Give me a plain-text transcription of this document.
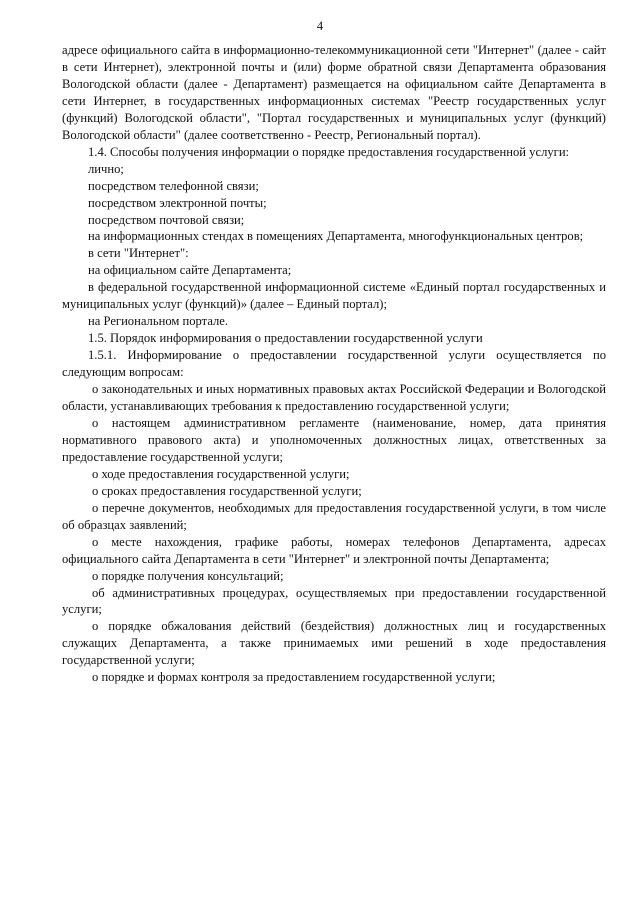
4

адресе официального сайта в информационно-телекоммуникационной сети "Интернет" (далее - сайт в сети Интернет), электронной почты и (или) форме обратной связи Департамента образования Вологодской области (далее - Департамент) размещается на официальном сайте Департамента в сети Интернет, в государственных информационных системах "Реестр государственных услуг (функций) Вологодской области", "Портал государственных и муниципальных услуг (функций) Вологодской области" (далее соответственно - Реестр, Региональный портал).

1.4. Способы получения информации о порядке предоставления государственной услуги:

лично;

посредством телефонной связи;

посредством электронной почты;

посредством почтовой связи;

на информационных стендах в помещениях Департамента, многофункциональных центров;

в сети "Интернет":

на официальном сайте Департамента;

в федеральной государственной информационной системе «Единый портал государственных и муниципальных услуг (функций)» (далее – Единый портал);

на Региональном портале.

1.5. Порядок информирования о предоставлении государственной услуги

1.5.1. Информирование о предоставлении государственной услуги осуществляется по следующим вопросам:

о законодательных и иных нормативных правовых актах Российской Федерации и Вологодской области, устанавливающих требования к предоставлению государственной услуги;

о настоящем административном регламенте (наименование, номер, дата принятия нормативного правового акта) и уполномоченных должностных лицах, ответственных за предоставление государственной услуги;

о ходе предоставления государственной услуги;

о сроках предоставления государственной услуги;

о перечне документов, необходимых для предоставления государственной услуги, в том числе об образцах заявлений;

о месте нахождения, графике работы, номерах телефонов Департамента, адресах официального сайта Департамента в сети "Интернет" и электронной почты Департамента;

о порядке получения консультаций;

об административных процедурах, осуществляемых при предоставлении государственной услуги;

о порядке обжалования действий (бездействия) должностных лиц и государственных служащих Департамента, а также принимаемых ими решений в ходе предоставления государственной услуги;

о порядке и формах контроля за предоставлением государственной услуги;
